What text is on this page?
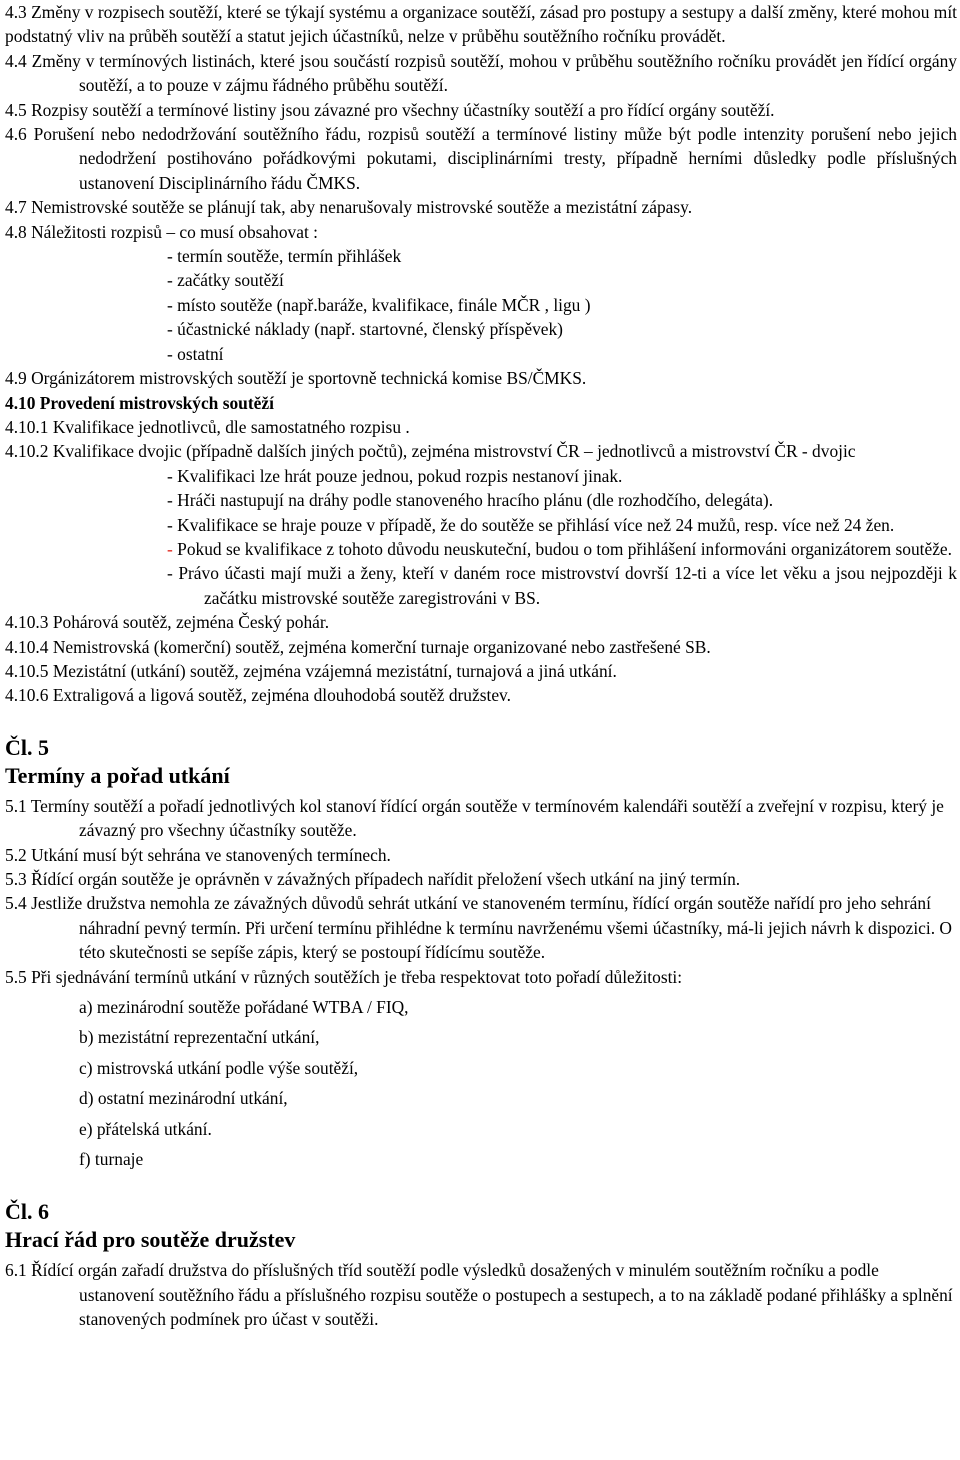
4.3 Změny v rozpisech soutěží, které se týkají systému a organizace soutěží, zásad pro postupy a sestupy a další změny, které mohou mít podstatný vliv na průběh soutěží a statut jejich účastníků, nelze v průběhu soutěžního ročníku provádět.

4.4 Změny v termínových listinách, které jsou součástí rozpisů soutěží, mohou v průběhu soutěžního ročníku provádět jen řídící orgány soutěží, a to pouze v zájmu řádného průběhu soutěží.

4.5 Rozpisy soutěží a termínové listiny jsou závazné pro všechny účastníky soutěží a pro řídící orgány soutěží.

4.6 Porušení nebo nedodržování soutěžního řádu, rozpisů soutěží a termínové listiny může být podle intenzity porušení nebo jejich nedodržení postihováno pořádkovými pokutami, disciplinárními tresty, případně herními důsledky podle příslušných ustanovení Disciplinárního řádu ČMKS.

4.7 Nemistrovské soutěže se plánují tak, aby nenarušovaly mistrovské soutěže a mezistátní zápasy.

4.8 Náležitosti rozpisů – co musí obsahovat :

- termín soutěže, termín přihlášek

- začátky soutěží

- místo soutěže (např.baráže, kvalifikace, finále MČR , ligu )

- účastnické náklady (např. startovné, členský příspěvek)

- ostatní

4.9 Orgánizátorem mistrovských soutěží je sportovně technická komise BS/ČMKS.

4.10 Provedení mistrovských soutěží

4.10.1 Kvalifikace jednotlivců, dle samostatného rozpisu .

4.10.2 Kvalifikace dvojic (případně dalších jiných počtů), zejména mistrovství ČR – jednotlivců a mistrovství ČR - dvojic

- Kvalifikaci lze hrát pouze jednou, pokud rozpis nestanoví jinak.

- Hráči nastupují na dráhy podle stanoveného hracího plánu (dle rozhodčího, delegáta).

- Kvalifikace se hraje pouze v případě, že do soutěže se přihlásí více než 24 mužů, resp. více než 24 žen.

- Pokud se kvalifikace z tohoto důvodu neuskuteční, budou o tom přihlášení informováni organizátorem soutěže.

- Právo účasti mají muži a ženy, kteří v daném roce mistrovství dovrší 12-ti a více let věku a jsou nejpozději k začátku mistrovské soutěže zaregistrováni v BS.

4.10.3 Pohárová soutěž, zejména Český pohár.

4.10.4 Nemistrovská (komerční) soutěž, zejména komerční turnaje organizované nebo zastřešené SB.

4.10.5 Mezistátní (utkání) soutěž, zejména vzájemná mezistátní, turnajová a jiná utkání.

4.10.6 Extraligová a ligová soutěž, zejména dlouhodobá soutěž družstev.

Čl. 5

Termíny a pořad utkání

5.1 Termíny soutěží a pořadí jednotlivých kol stanoví řídící orgán soutěže v termínovém kalendáři soutěží a zveřejní v rozpisu, který je závazný pro všechny účastníky soutěže.

5.2 Utkání musí být sehrána ve stanovených termínech.

5.3 Řídící orgán soutěže je oprávněn v závažných případech nařídit přeložení všech utkání na jiný termín.

5.4 Jestliže družstva nemohla ze závažných důvodů sehrát utkání ve stanoveném termínu, řídící orgán soutěže nařídí pro jeho sehrání náhradní pevný termín. Při určení termínu přihlédne k termínu navrženému všemi účastníky, má-li jejich návrh k dispozici. O této skutečnosti se sepíše zápis, který se postoupí řídícímu soutěže.

5.5 Při sjednávání termínů utkání v různých soutěžích je třeba respektovat toto pořadí důležitosti:

a) mezinárodní soutěže pořádané WTBA / FIQ,

b) mezistátní reprezentační utkání,

c) mistrovská utkání podle výše soutěží,

d) ostatní mezinárodní utkání,

e) přátelská utkání.

f) turnaje

Čl. 6

Hrací řád pro soutěže družstev

6.1 Řídící orgán zařadí družstva do příslušných tříd soutěží podle výsledků dosažených v minulém soutěžním ročníku a podle ustanovení soutěžního řádu a příslušného rozpisu soutěže o postupech a sestupech, a to na základě podané přihlášky a splnění stanovených podmínek pro účast v soutěži.
